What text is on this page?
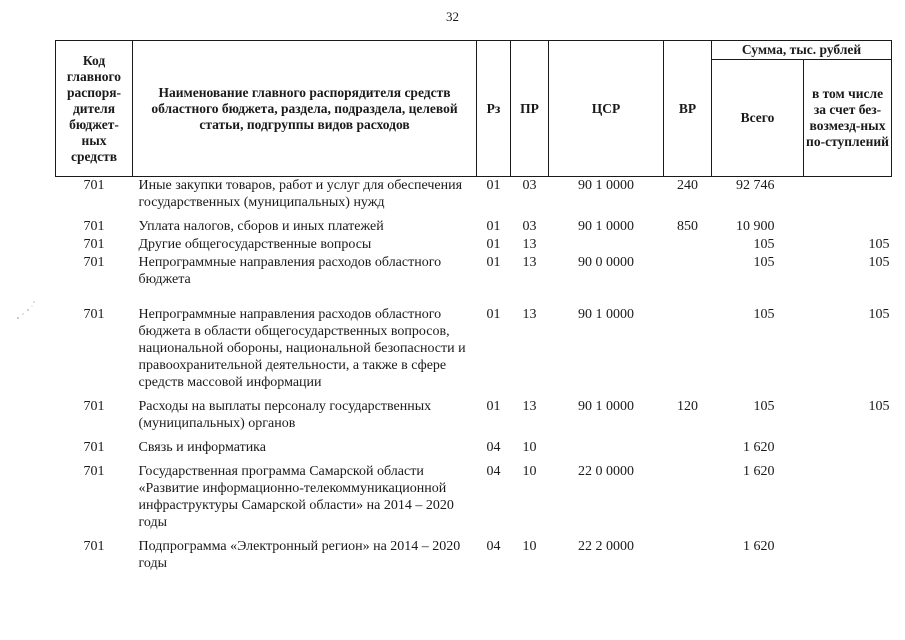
32
Код главного распоря-дителя бюджет-ных средств	Наименование главного распорядителя средств областного бюджета, раздела, подраздела, целевой статьи, подгруппы видов расходов	Рз	ПР	ЦСР	ВР	Сумма, тыс. рублей	
						Всего	в том числе за счет без-возмезд-ных по-ступлений
701	Иные закупки товаров, работ и услуг для обеспечения государственных (муниципальных) нужд	01	03	90 1 0000	240	92 746	
701	Уплата налогов, сборов и иных платежей	01	03	90 1 0000	850	10 900	
701	Другие общегосударственные вопросы	01	13			105	105
701	Непрограммные направления расходов областного бюджета	01	13	90 0 0000		105	105
701	Непрограммные направления расходов областного бюджета в области общегосударственных вопросов, национальной обороны, национальной безопасности и правоохранительной деятельности, а также в сфере средств массовой информации	01	13	90 1 0000		105	105
701	Расходы на выплаты персоналу государственных (муниципальных) органов	01	13	90 1 0000	120	105	105
701	Связь и информатика	04	10			1 620	
701	Государственная программа Самарской области «Развитие информационно-телекоммуникационной инфраструктуры Самарской области» на 2014 – 2020 годы	04	10	22 0 0000		1 620	
701	Подпрограмма «Электронный регион» на 2014 – 2020 годы	04	10	22 2 0000		1 620	
